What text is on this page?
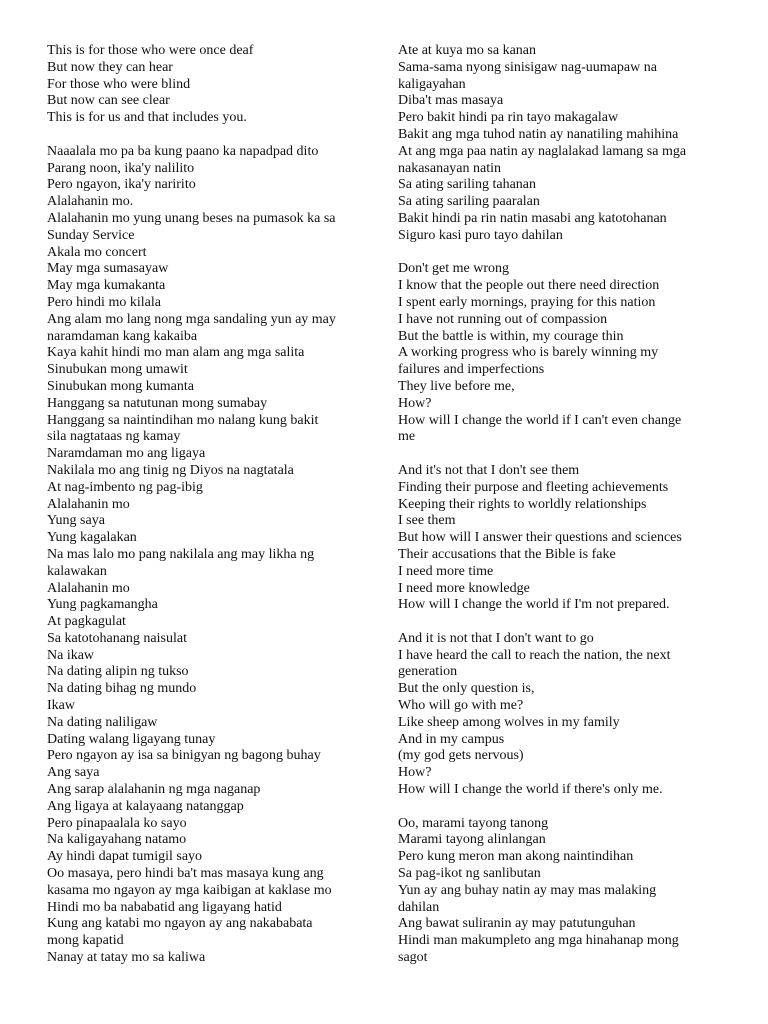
This is for those who were once deaf
But now they can hear
For those who were blind
But now can see clear
This is for us and that includes you.
Naaalala mo pa ba kung paano ka napadpad dito
Parang noon, ika'y nalilito
Pero ngayon, ika'y naririto
Alalahanin mo.
Alalahanin mo yung unang beses na pumasok ka sa
Sunday Service
Akala mo concert
May mga sumasayaw
May mga kumakanta
Pero hindi mo kilala
Ang alam mo lang nong mga sandaling yun ay may
naramdaman kang kakaiba
Kaya kahit hindi mo man alam ang mga salita
Sinubukan mong umawit
Sinubukan mong kumanta
Hanggang sa natutunan mong sumabay
Hanggang sa naintindihan mo nalang kung bakit
sila nagtataas ng kamay
Naramdaman mo ang ligaya
Nakilala mo ang tinig ng Diyos na nagtatala
At nag-imbento ng pag-ibig
Alalahanin mo
Yung saya
Yung kagalakan
Na mas lalo mo pang nakilala ang may likha ng
kalawakan
Alalahanin mo
Yung pagkamangha
At pagkagulat
Sa katotohanang naisulat
Na ikaw
Na dating alipin ng tukso
Na dating bihag ng mundo
Ikaw
Na dating naliligaw
Dating walang ligayang tunay
Pero ngayon ay isa sa binigyan ng bagong buhay
Ang saya
Ang sarap alalahanin ng mga naganap
Ang ligaya at kalayaang natanggap
Pero pinapaalala ko sayo
Na kaligayahang natamo
Ay hindi dapat tumigil sayo
Oo masaya, pero hindi ba't mas masaya kung ang
kasama mo ngayon ay mga kaibigan at kaklase mo
Hindi mo ba nababatid ang ligayang hatid
Kung ang katabi mo ngayon ay ang nakababata
mong kapatid
Nanay at tatay mo sa kaliwa
Ate at kuya mo sa kanan
Sama-sama nyong sinisigaw nag-uumapaw na
kaligayahan
Diba't mas masaya
Pero bakit hindi pa rin tayo makagalaw
Bakit ang mga tuhod natin ay nanatiling mahihina
At ang mga paa natin ay naglalakad lamang sa mga
nakasanayan natin
Sa ating sariling tahanan
Sa ating sariling paaralan
Bakit hindi pa rin natin masabi ang katotohanan
Siguro kasi puro tayo dahilan
Don't get me wrong
I know that the people out there need direction
I spent early mornings, praying for this nation
I have not running out of compassion
But the battle is within, my courage thin
A working progress who is barely winning my
failures and imperfections
They live before me,
How?
How will I change the world if I can't even change
me
And it's not that I don't see them
Finding their purpose and fleeting achievements
Keeping their rights to worldly relationships
I see them
But how will I answer their questions and sciences
Their accusations that the Bible is fake
I need more time
I need more knowledge
How will I change the world if I'm not prepared.
And it is not that I don't want to go
I have heard the call to reach the nation, the next
generation
But the only question is,
Who will go with me?
Like sheep among wolves in my family
And in my campus
(my god gets nervous)
How?
How will I change the world if there's only me.
Oo, marami tayong tanong
Marami tayong alinlangan
Pero kung meron man akong naintindihan
Sa pag-ikot ng sanlibutan
Yun ay ang buhay natin ay may mas malaking
dahilan
Ang bawat suliranin ay may patutunguhan
Hindi man makumpleto ang mga hinahanap mong
sagot
